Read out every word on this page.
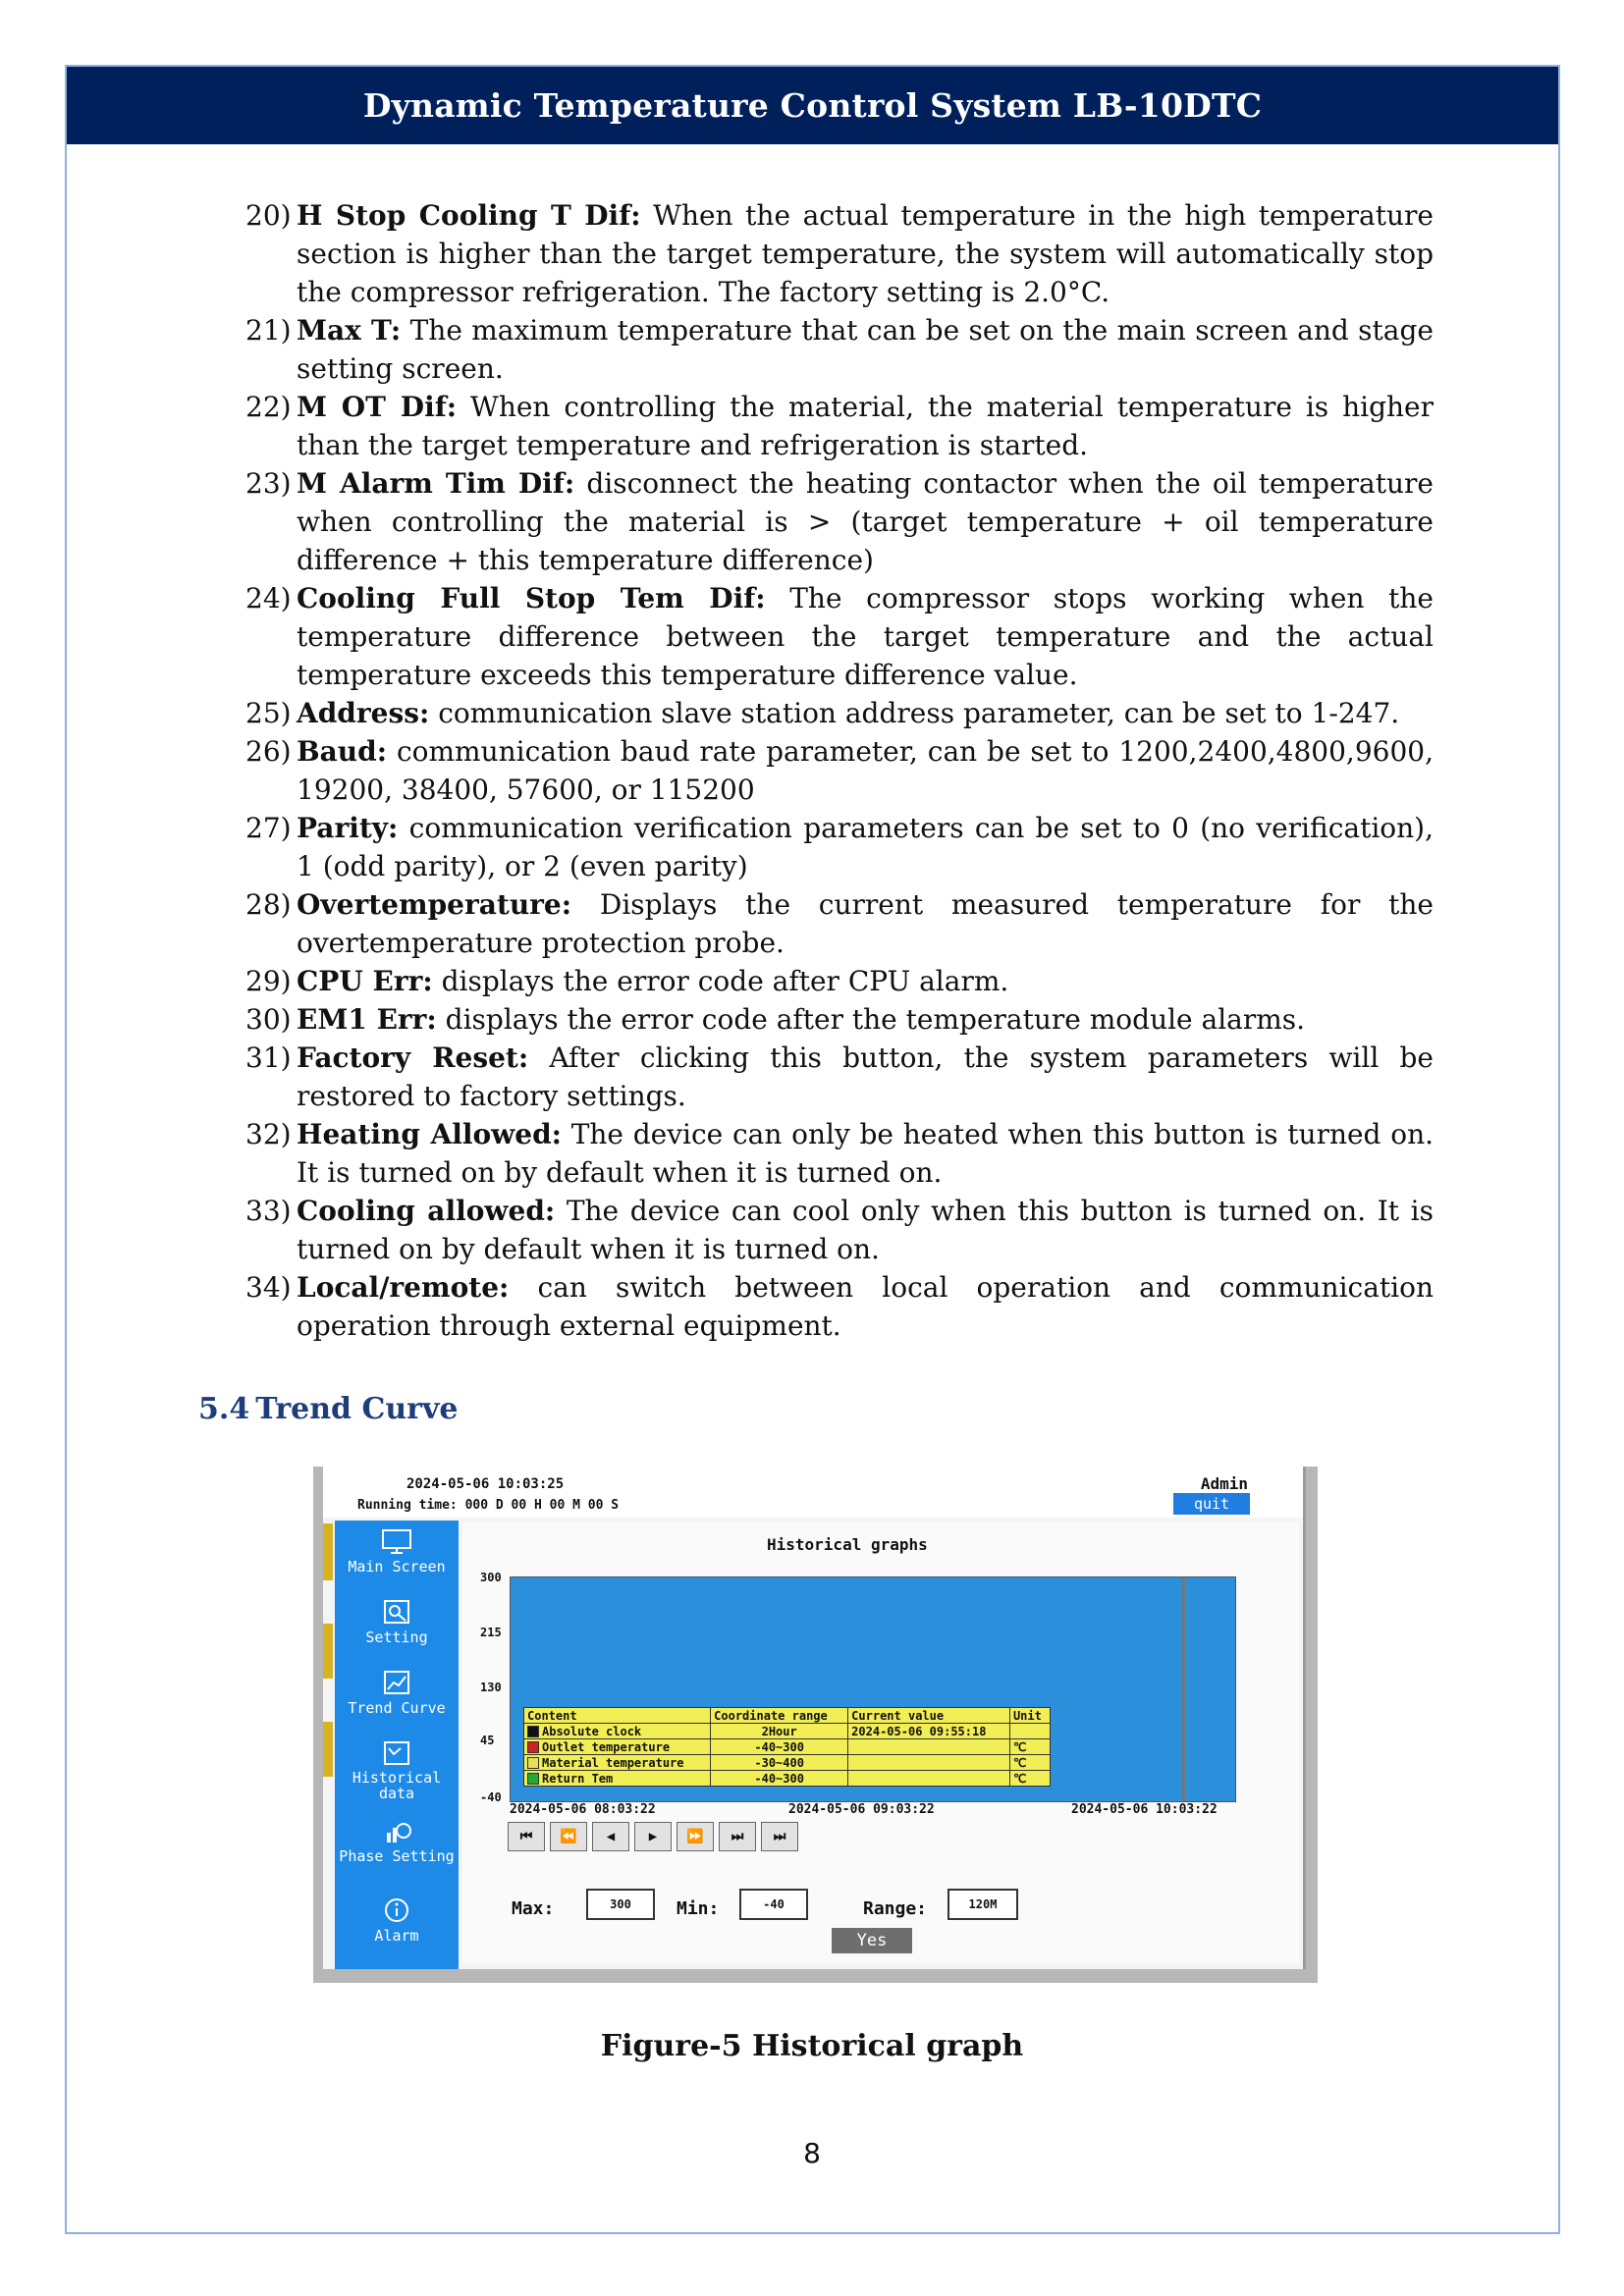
Dynamic Temperature Control System LB-10DTC
20) H Stop Cooling T Dif: When the actual temperature in the high temperature section is higher than the target temperature, the system will automatically stop the compressor refrigeration. The factory setting is 2.0°C.
21) Max T: The maximum temperature that can be set on the main screen and stage setting screen.
22) M OT Dif: When controlling the material, the material temperature is higher than the target temperature and refrigeration is started.
23) M Alarm Tim Dif: disconnect the heating contactor when the oil temperature when controlling the material is > (target temperature + oil temperature difference + this temperature difference)
24) Cooling Full Stop Tem Dif: The compressor stops working when the temperature difference between the target temperature and the actual temperature exceeds this temperature difference value.
25) Address: communication slave station address parameter, can be set to 1-247.
26) Baud: communication baud rate parameter, can be set to 1200,2400,4800,9600, 19200, 38400, 57600, or 115200
27) Parity: communication verification parameters can be set to 0 (no verification), 1 (odd parity), or 2 (even parity)
28) Overtemperature: Displays the current measured temperature for the overtemperature protection probe.
29) CPU Err: displays the error code after CPU alarm.
30) EM1 Err: displays the error code after the temperature module alarms.
31) Factory Reset: After clicking this button, the system parameters will be restored to factory settings.
32) Heating Allowed: The device can only be heated when this button is turned on. It is turned on by default when it is turned on.
33) Cooling allowed: The device can cool only when this button is turned on. It is turned on by default when it is turned on.
34) Local/remote: can switch between local operation and communication operation through external equipment.
5.4 Trend Curve
2024-05-06 10:03:25
Running time: 000 D 00 H 00 M 00 S
Admin
quit
Main Screen
Setting
Trend Curve
Historical data
Phase Setting
Alarm
Historical graphs
300
215
130
45
-40
Content	Coordinate range	Current value	Unit
Absolute clock	2Hour	2024-05-06 09:55:18	
Outlet temperature	-40~300		℃
Material temperature	-30~400		℃
Return Tem	-40~300		℃
2024-05-06 08:03:22	2024-05-06 09:03:22	2024-05-06 10:03:22
⏮	⏪	◀	▶	⏩	⏭	⏭
Max:	300	Min:	-40	Range:	120M
Yes
Figure-5 Historical graph
8
